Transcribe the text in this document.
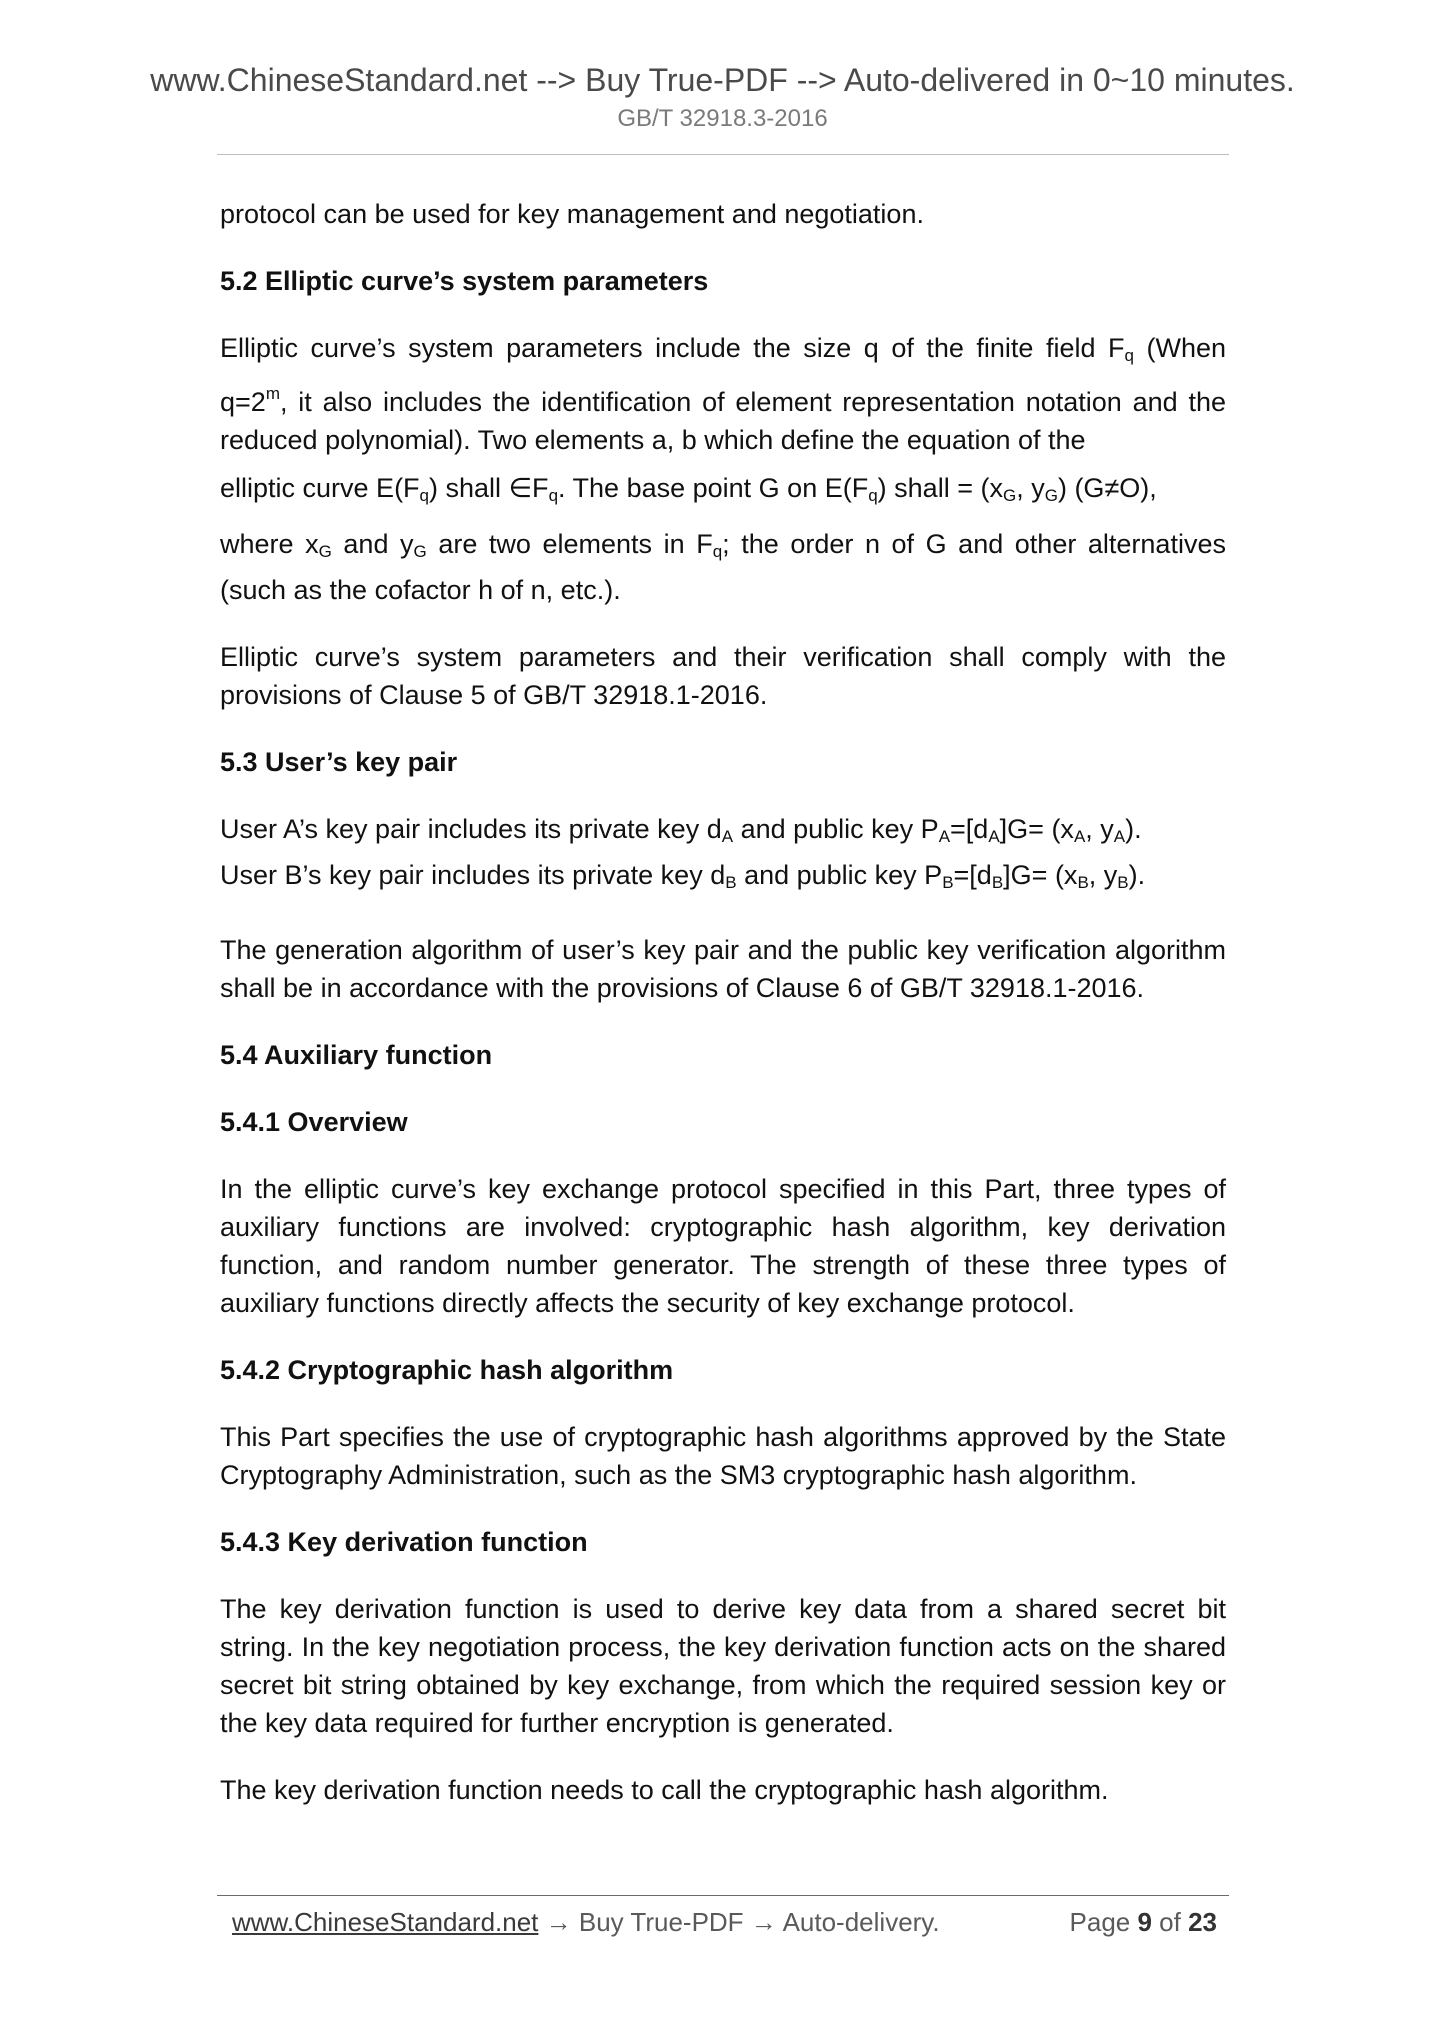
www.ChineseStandard.net --> Buy True-PDF --> Auto-delivered in 0~10 minutes.
GB/T 32918.3-2016

protocol can be used for key management and negotiation.

5.2 Elliptic curve’s system parameters

Elliptic curve’s system parameters include the size q of the finite field $F_q$ (When $q=2^m$, it also includes the identification of element representation notation and the reduced polynomial). Two elements a, b which define the equation of the
elliptic curve $E(F_q)$ shall $\in F_q$. The base point G on $E(F_q)$ shall = ($x_G$, $y_G$) (G≠O),
where $x_G$ and $y_G$ are two elements in $F_q$; the order n of G and other alternatives (such as the cofactor h of n, etc.).

Elliptic curve’s system parameters and their verification shall comply with the provisions of Clause 5 of GB/T 32918.1-2016.

5.3 User’s key pair

User A’s key pair includes its private key $d_A$ and public key $P_A=[d_A]G= (x_A$, $y_A$).
User B’s key pair includes its private key $d_B$ and public key $P_B=[d_B]G= (x_B$, $y_B$).

The generation algorithm of user’s key pair and the public key verification algorithm shall be in accordance with the provisions of Clause 6 of GB/T 32918.1-2016.

5.4 Auxiliary function
5.4.1 Overview

In the elliptic curve’s key exchange protocol specified in this Part, three types of auxiliary functions are involved: cryptographic hash algorithm, key derivation function, and random number generator. The strength of these three types of auxiliary functions directly affects the security of key exchange protocol.

5.4.2 Cryptographic hash algorithm

This Part specifies the use of cryptographic hash algorithms approved by the State Cryptography Administration, such as the SM3 cryptographic hash algorithm.

5.4.3 Key derivation function

The key derivation function is used to derive key data from a shared secret bit string. In the key negotiation process, the key derivation function acts on the shared secret bit string obtained by key exchange, from which the required session key or the key data required for further encryption is generated.

The key derivation function needs to call the cryptographic hash algorithm.

www.ChineseStandard.net → Buy True-PDF → Auto-delivery.	Page 9 of 23
